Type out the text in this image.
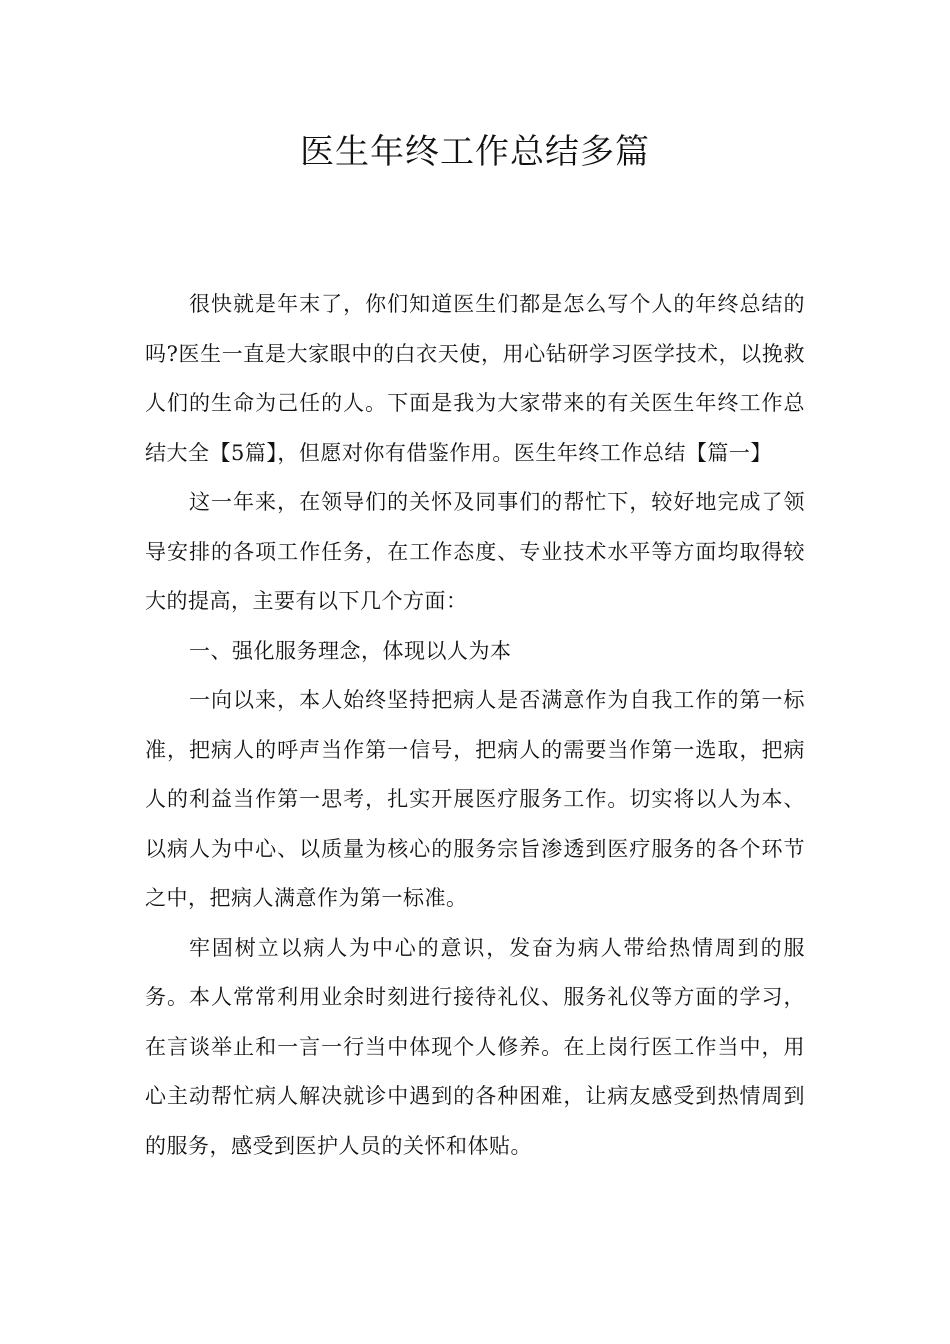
医生年终工作总结多篇

很快就是年末了，你们知道医生们都是怎么写个人的年终总结的吗?医生一直是大家眼中的白衣天使，用心钻研学习医学技术，以挽救人们的生命为己任的人。下面是我为大家带来的有关医生年终工作总结大全【5篇】，但愿对你有借鉴作用。医生年终工作总结【篇一】

这一年来，在领导们的关怀及同事们的帮忙下，较好地完成了领导安排的各项工作任务，在工作态度、专业技术水平等方面均取得较大的提高，主要有以下几个方面：

一、强化服务理念，体现以人为本

一向以来，本人始终坚持把病人是否满意作为自我工作的第一标准，把病人的呼声当作第一信号，把病人的需要当作第一选取，把病人的利益当作第一思考，扎实开展医疗服务工作。切实将以人为本、以病人为中心、以质量为核心的服务宗旨渗透到医疗服务的各个环节之中，把病人满意作为第一标准。

牢固树立以病人为中心的意识，发奋为病人带给热情周到的服务。本人常常利用业余时刻进行接待礼仪、服务礼仪等方面的学习，在言谈举止和一言一行当中体现个人修养。在上岗行医工作当中，用心主动帮忙病人解决就诊中遇到的各种困难，让病友感受到热情周到的服务，感受到医护人员的关怀和体贴。
